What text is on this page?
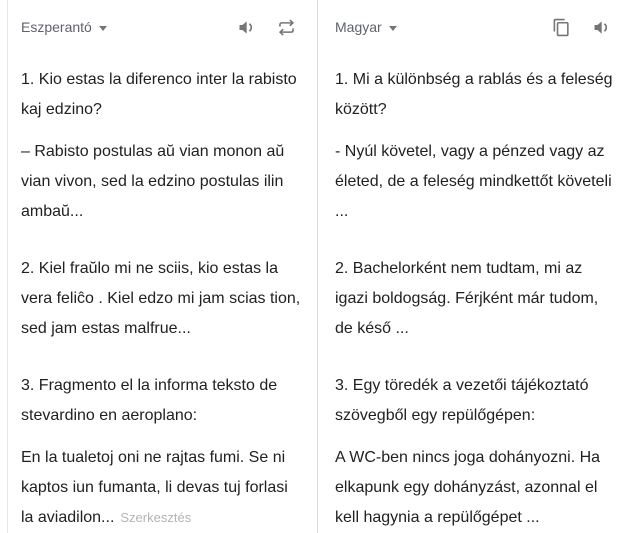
Eszperantó

1. Kio estas la diferenco inter la rabisto kaj edzino?

– Rabisto postulas aŭ vian monon aŭ vian vivon, sed la edzino postulas ilin ambaŭ...

2. Kiel fraŭlo mi ne sciis, kio estas la vera feliĉo . Kiel edzo mi jam scias tion, sed jam estas malfrue...

3. Fragmento el la informa teksto de stevardino en aeroplano:

En la tualetoj oni ne rajtas fumi. Se ni kaptos iun fumanta, li devas tuj forlasi la aviadilon... Szerkesztés

Magyar

1. Mi a különbség a rablás és a feleség között?

- Nyúl követel, vagy a pénzed vagy az életed, de a feleség mindkettőt követeli ...

2. Bachelorként nem tudtam, mi az igazi boldogság. Férjként már tudom, de késő ...

3. Egy töredék a vezetői tájékoztató szövegből egy repülőgépen:

A WC-ben nincs joga dohányozni. Ha elkapunk egy dohányzást, azonnal el kell hagynia a repülőgépet ...
